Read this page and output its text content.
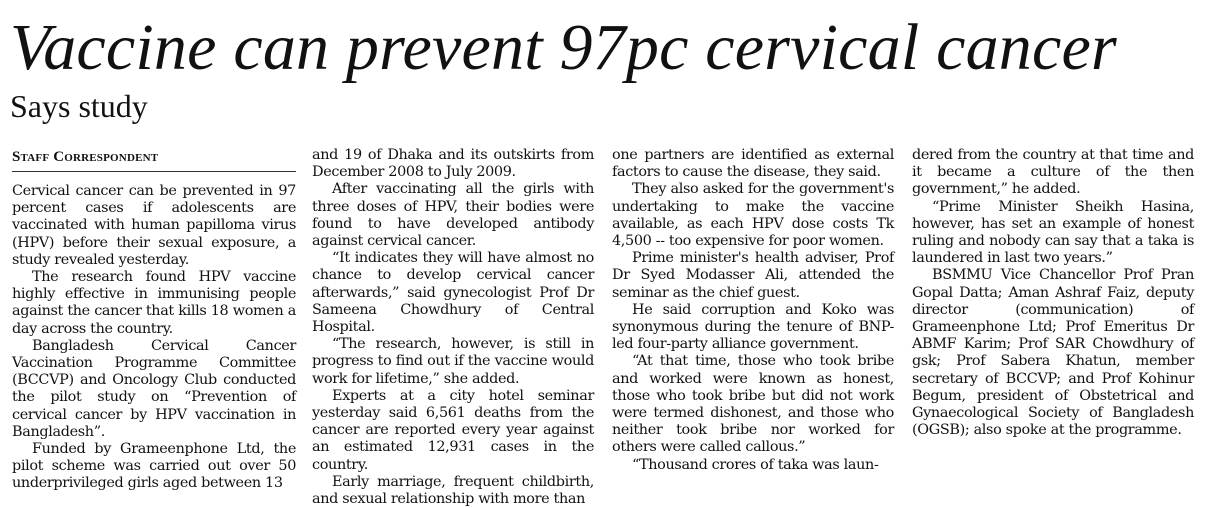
Vaccine can prevent 97pc cervical cancer
Says study
Staff Correspondent

Cervical cancer can be prevented in 97 percent cases if adolescents are vaccinated with human papilloma virus (HPV) before their sexual exposure, a study revealed yesterday.

The research found HPV vaccine highly effective in immunising people against the cancer that kills 18 women a day across the country.

Bangladesh Cervical Cancer Vaccination Programme Committee (BCCVP) and Oncology Club conducted the pilot study on “Prevention of cervical cancer by HPV vaccination in Bangladesh”.

Funded by Grameenphone Ltd, the pilot scheme was carried out over 50 underprivileged girls aged between 13

and 19 of Dhaka and its outskirts from December 2008 to July 2009.

After vaccinating all the girls with three doses of HPV, their bodies were found to have developed antibody against cervical cancer.

“It indicates they will have almost no chance to develop cervical cancer afterwards,” said gynecologist Prof Dr Sameena Chowdhury of Central Hospital.

“The research, however, is still in progress to find out if the vaccine would work for lifetime,” she added.

Experts at a city hotel seminar yesterday said 6,561 deaths from the cancer are reported every year against an estimated 12,931 cases in the country.

Early marriage, frequent childbirth, and sexual relationship with more than

one partners are identified as external factors to cause the disease, they said.

They also asked for the government's undertaking to make the vaccine available, as each HPV dose costs Tk 4,500 -- too expensive for poor women.

Prime minister's health adviser, Prof Dr Syed Modasser Ali, attended the seminar as the chief guest.

He said corruption and Koko was synonymous during the tenure of BNP-led four-party alliance government.

“At that time, those who took bribe and worked were known as honest, those who took bribe but did not work were termed dishonest, and those who neither took bribe nor worked for others were called callous.”

“Thousand crores of taka was laun-

dered from the country at that time and it became a culture of the then government,” he added.

“Prime Minister Sheikh Hasina, however, has set an example of honest ruling and nobody can say that a taka is laundered in last two years.”

BSMMU Vice Chancellor Prof Pran Gopal Datta; Aman Ashraf Faiz, deputy director (communication) of Grameenphone Ltd; Prof Emeritus Dr ABMF Karim; Prof SAR Chowdhury of gsk; Prof Sabera Khatun, member secretary of BCCVP; and Prof Kohinur Begum, president of Obstetrical and Gynaecological Society of Bangladesh (OGSB); also spoke at the programme.
